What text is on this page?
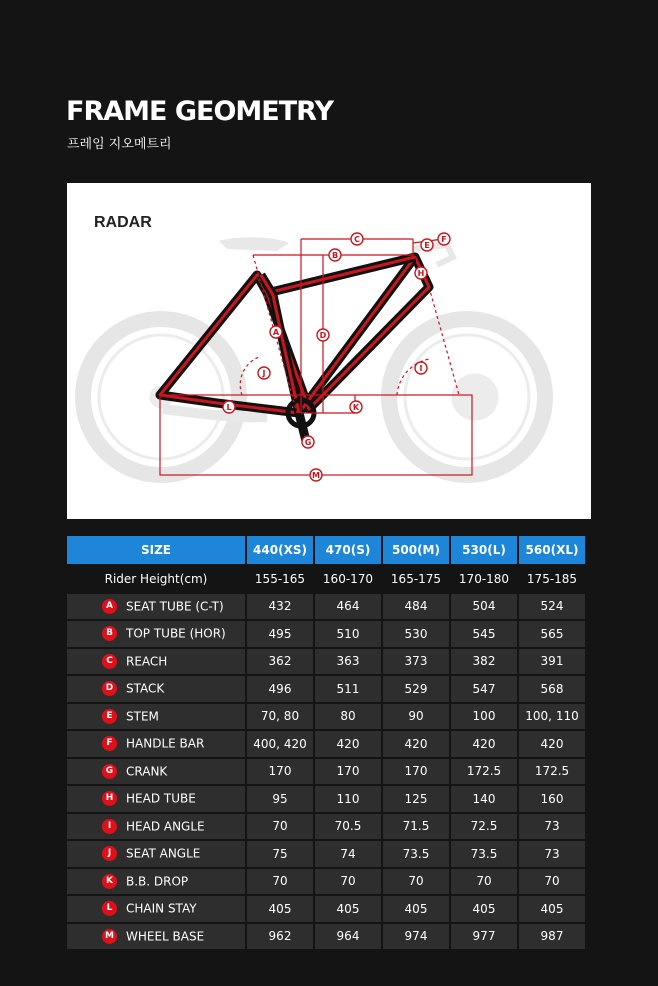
FRAME GEOMETRY
프레임 지오메트리
C
B
E
F
H
A	D
J
I
L	K
G
M
RADAR
SIZE	440(XS)	470(S)	500(M)	530(L)	560(XL)
Rider Height(cm)	155-165	160-170	165-175	170-180	175-185
A SEAT TUBE (C-T)	432	464	484	504	524
B TOP TUBE (HOR)	495	510	530	545	565
C REACH	362	363	373	382	391
D STACK	496	511	529	547	568
E STEM	70, 80	80	90	100	100, 110
F HANDLE BAR	400, 420	420	420	420	420
G CRANK	170	170	170	172.5	172.5
H HEAD TUBE	95	110	125	140	160
I HEAD ANGLE	70	70.5	71.5	72.5	73
J SEAT ANGLE	75	74	73.5	73.5	73
K B.B. DROP	70	70	70	70	70
L CHAIN STAY	405	405	405	405	405
M WHEEL BASE	962	964	974	977	987
